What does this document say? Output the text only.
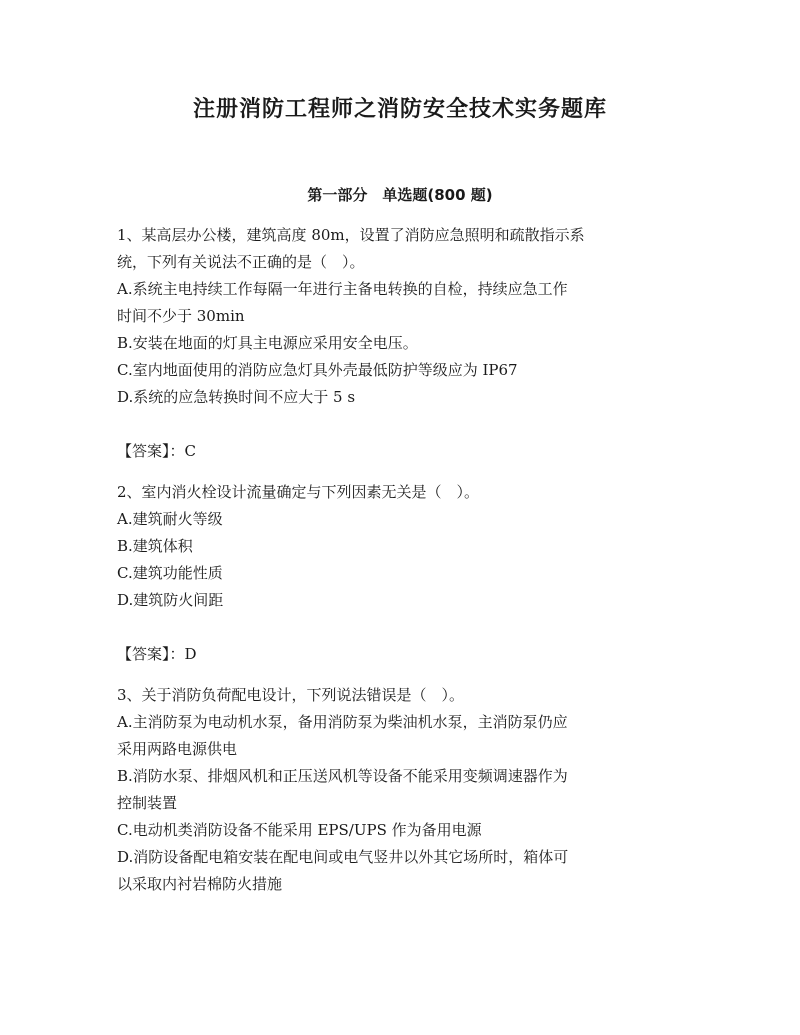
注册消防工程师之消防安全技术实务题库
第一部分　单选题(800 题)
1、某高层办公楼，建筑高度 80m，设置了消防应急照明和疏散指示系
统，下列有关说法不正确的是（　）。
A.系统主电持续工作每隔一年进行主备电转换的自检，持续应急工作
时间不少于 30min
B.安装在地面的灯具主电源应采用安全电压。
C.室内地面使用的消防应急灯具外壳最低防护等级应为 IP67
D.系统的应急转换时间不应大于 5 s
【答案】：C
2、室内消火栓设计流量确定与下列因素无关是（　）。
A.建筑耐火等级
B.建筑体积
C.建筑功能性质
D.建筑防火间距
【答案】：D
3、关于消防负荷配电设计，下列说法错误是（　）。
A.主消防泵为电动机水泵，备用消防泵为柴油机水泵，主消防泵仍应
采用两路电源供电
B.消防水泵、排烟风机和正压送风机等设备不能采用变频调速器作为
控制装置
C.电动机类消防设备不能采用 EPS/UPS 作为备用电源
D.消防设备配电箱安装在配电间或电气竖井以外其它场所时，箱体可
以采取内衬岩棉防火措施
